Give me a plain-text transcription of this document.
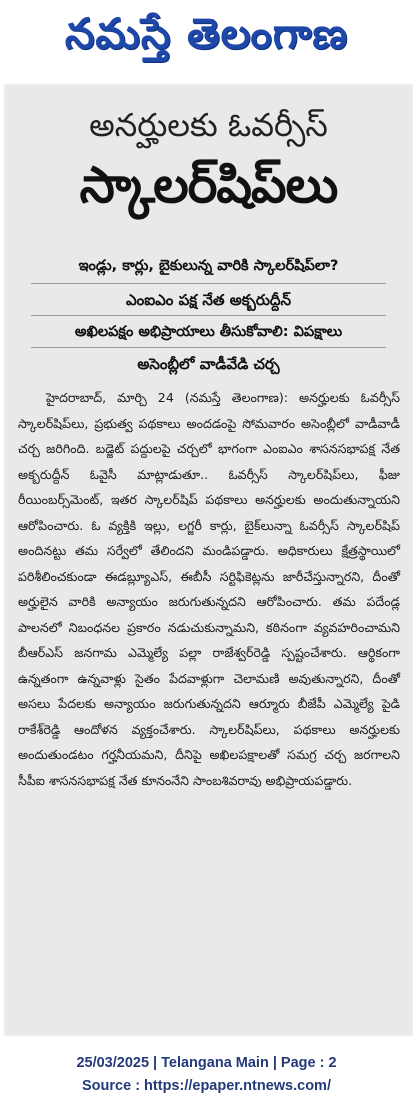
నమస్తే తెలంగాణ
అనర్హులకు ఓవర్సీస్
స్కాలర్‌షిప్‌లు
ఇండ్లు, కార్లు, బైకులున్న వారికి స్కాలర్‌షిప్‌లా?
ఎంఐఎం పక్ష నేత అక్బరుద్దీన్
అఖిలపక్షం అభిప్రాయాలు తీసుకోవాలి: విపక్షాలు
అసెంబ్లీలో వాడీవేడి చర్చ
హైదరాబాద్, మార్చి 24 (నమస్తే తెలంగాణ): అనర్హులకు ఓవర్సీస్ స్కాలర్‌షిప్‌లు, ప్రభుత్వ పథకాలు అందడంపై సోమవారం అసెంబ్లీలో వాడీవాడీ చర్చ జరిగింది. బడ్జెట్ పద్దులపై చర్చలో భాగంగా ఎంఐఎం శాసనసభాపక్ష నేత అక్బరుద్దీన్ ఓవైసీ మాట్లాడుతూ.. ఓవర్సీస్ స్కాలర్‌షిప్‌లు, ఫీజు రీయింబర్స్‌మెంట్, ఇతర స్కాలర్‌షిప్ పథకాలు అనర్హులకు అందుతున్నాయని ఆరోపించారు. ఓ వ్యక్తికి ఇల్లు, లగ్జరీ కార్లు, బైక్‌లున్నా ఓవర్సీస్ స్కాలర్‌షిప్ అందినట్టు తమ సర్వేలో తేలిందని మండిపడ్డారు. అధికారులు క్షేత్రస్థాయిలో పరిశీలించకుండా ఈడబ్ల్యూఎస్, ఈబీసీ సర్టిఫికెట్లను జారీచేస్తున్నారని, దీంతో అర్హులైన వారికి అన్యాయం జరుగుతున్నదని ఆరోపించారు. తమ పదేండ్ల పాలనలో నిబంధనల ప్రకారం నడుచుకున్నామని, కఠినంగా వ్యవహరించామని బీఆర్‌ఎస్ జనగామ ఎమ్మెల్యే పల్లా రాజేశ్వర్‌రెడ్డి స్పష్టంచేశారు. ఆర్థికంగా ఉన్నతంగా ఉన్నవాళ్లు సైతం పేదవాళ్లుగా చెలామణి అవుతున్నారని, దీంతో అసలు పేదలకు అన్యాయం జరుగుతున్నదని ఆర్మూరు బీజేపీ ఎమ్మెల్యే పైడి రాకేశ్‌రెడ్డి ఆందోళన వ్యక్తంచేశారు. స్కాలర్‌షిప్‌లు, పథకాలు అనర్హులకు అందుతుండటం గర్హనీయమని, దీనిపై అఖిలపక్షాలతో సమగ్ర చర్చ జరగాలని సీపీఐ శాసనసభాపక్ష నేత కూనంనేని సాంబశివరావు అభిప్రాయపడ్డారు.
25/03/2025 | Telangana Main | Page : 2
Source : https://epaper.ntnews.com/
